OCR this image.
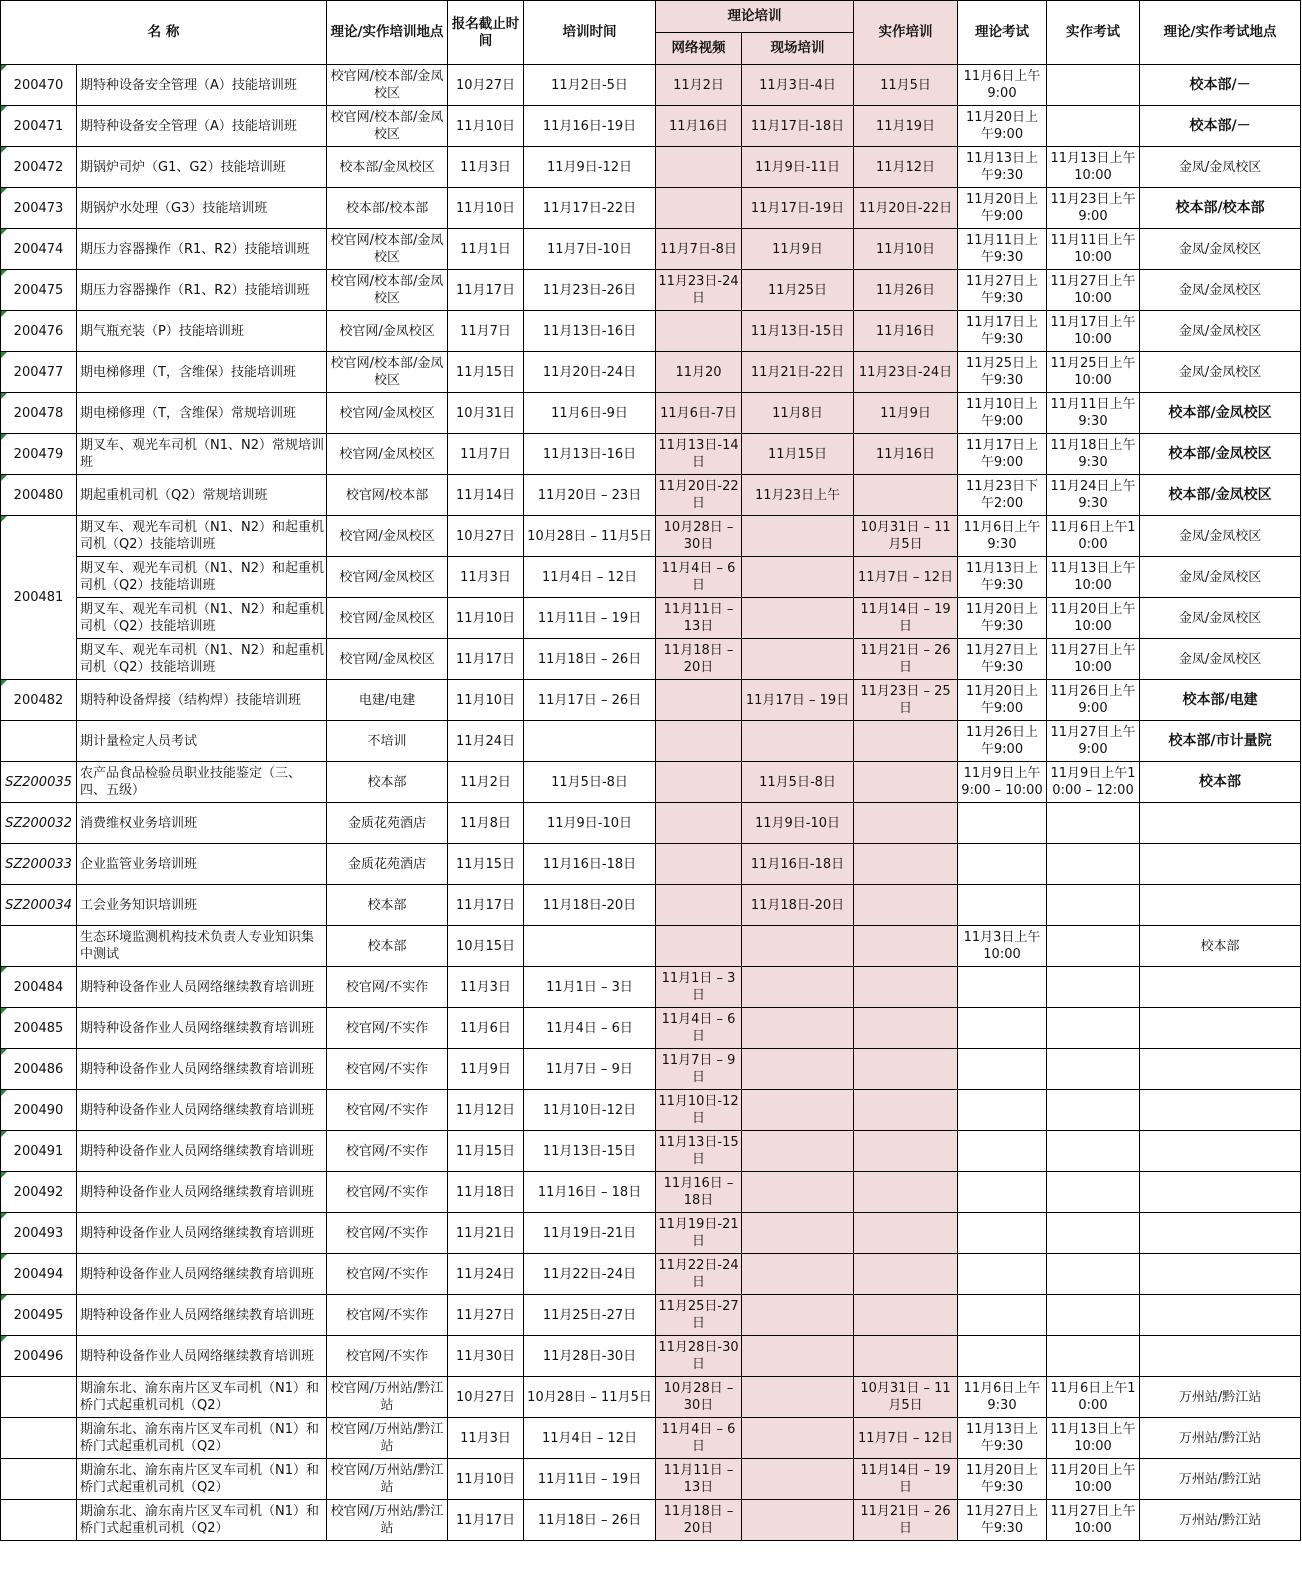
名 称		理论/实作培训地点	报名截止时间	培训时间	理论培训		实作培训	理论考试	实作考试	理论/实作考试地点
					网络视频	现场培训				
200470	期特种设备安全管理（A）技能培训班	校官网/校本部/金凤校区	10月27日	11月2日-5日	11月2日	11月3日-4日	11月5日	11月6日上午9:00		校本部/－
200471	期特种设备安全管理（A）技能培训班	校官网/校本部/金凤校区	11月10日	11月16日-19日	11月16日	11月17日-18日	11月19日	11月20日上午9:00		校本部/－
200472	期锅炉司炉（G1、G2）技能培训班	校本部/金凤校区	11月3日	11月9日-12日		11月9日-11日	11月12日	11月13日上午9:30	11月13日上午10:00	金凤/金凤校区
200473	期锅炉水处理（G3）技能培训班	校本部/校本部	11月10日	11月17日-22日		11月17日-19日	11月20日-22日	11月20日上午9:00	11月23日上午9:00	校本部/校本部
200474	期压力容器操作（R1、R2）技能培训班	校官网/校本部/金凤校区	11月1日	11月7日-10日	11月7日-8日	11月9日	11月10日	11月11日上午9:30	11月11日上午10:00	金凤/金凤校区
200475	期压力容器操作（R1、R2）技能培训班	校官网/校本部/金凤校区	11月17日	11月23日-26日	11月23日-24日	11月25日	11月26日	11月27日上午9:30	11月27日上午10:00	金凤/金凤校区
200476	期气瓶充装（P）技能培训班	校官网/金凤校区	11月7日	11月13日-16日		11月13日-15日	11月16日	11月17日上午9:30	11月17日上午10:00	金凤/金凤校区
200477	期电梯修理（T，含维保）技能培训班	校官网/校本部/金凤校区	11月15日	11月20日-24日	11月20	11月21日-22日	11月23日-24日	11月25日上午9:30	11月25日上午10:00	金凤/金凤校区
200478	期电梯修理（T，含维保）常规培训班	校官网/金凤校区	10月31日	11月6日-9日	11月6日-7日	11月8日	11月9日	11月10日上午9:00	11月11日上午9:30	校本部/金凤校区
200479	期叉车、观光车司机（N1、N2）常规培训班	校官网/金凤校区	11月7日	11月13日-16日	11月13日-14日	11月15日	11月16日	11月17日上午9:00	11月18日上午9:30	校本部/金凤校区
200480	期起重机司机（Q2）常规培训班	校官网/校本部	11月14日	11月20日 – 23日	11月20日-22日	11月23日上午		11月23日下午2:00	11月24日上午9:30	校本部/金凤校区
200481	期叉车、观光车司机（N1、N2）和起重机司机（Q2）技能培训班	校官网/金凤校区	10月27日	10月28日 – 11月5日	10月28日 – 30日		10月31日 – 11月5日	11月6日上午9:30	11月6日上午10:00	金凤/金凤校区
	期叉车、观光车司机（N1、N2）和起重机司机（Q2）技能培训班	校官网/金凤校区	11月3日	11月4日 – 12日	11月4日 – 6日		11月7日 – 12日	11月13日上午9:30	11月13日上午10:00	金凤/金凤校区
	期叉车、观光车司机（N1、N2）和起重机司机（Q2）技能培训班	校官网/金凤校区	11月10日	11月11日 – 19日	11月11日 – 13日		11月14日 – 19日	11月20日上午9:30	11月20日上午10:00	金凤/金凤校区
	期叉车、观光车司机（N1、N2）和起重机司机（Q2）技能培训班	校官网/金凤校区	11月17日	11月18日 – 26日	11月18日 – 20日		11月21日 – 26日	11月27日上午9:30	11月27日上午10:00	金凤/金凤校区
200482	期特种设备焊接（结构焊）技能培训班	电建/电建	11月10日	11月17日 – 26日		11月17日 – 19日	11月23日 – 25日	11月20日上午9:00	11月26日上午9:00	校本部/电建
	期计量检定人员考试	不培训	11月24日					11月26日上午9:00	11月27日上午9:00	校本部/市计量院
SZ200035	农产品食品检验员职业技能鉴定（三、四、五级）	校本部	11月2日	11月5日-8日		11月5日-8日		11月9日上午9:00 – 10:00	11月9日上午10:00 – 12:00	校本部
SZ200032	消费维权业务培训班	金质花苑酒店	11月8日	11月9日-10日		11月9日-10日				
SZ200033	企业监管业务培训班	金质花苑酒店	11月15日	11月16日-18日		11月16日-18日				
SZ200034	工会业务知识培训班	校本部	11月17日	11月18日-20日		11月18日-20日				
	生态环境监测机构技术负责人专业知识集中测试	校本部	10月15日					11月3日上午10:00		校本部
200484	期特种设备作业人员网络继续教育培训班	校官网/不实作	11月3日	11月1日 – 3日	11月1日 – 3日					
200485	期特种设备作业人员网络继续教育培训班	校官网/不实作	11月6日	11月4日 – 6日	11月4日 – 6日					
200486	期特种设备作业人员网络继续教育培训班	校官网/不实作	11月9日	11月7日 – 9日	11月7日 – 9日					
200490	期特种设备作业人员网络继续教育培训班	校官网/不实作	11月12日	11月10日-12日	11月10日-12日					
200491	期特种设备作业人员网络继续教育培训班	校官网/不实作	11月15日	11月13日-15日	11月13日-15日					
200492	期特种设备作业人员网络继续教育培训班	校官网/不实作	11月18日	11月16日 – 18日	11月16日 – 18日					
200493	期特种设备作业人员网络继续教育培训班	校官网/不实作	11月21日	11月19日-21日	11月19日-21日					
200494	期特种设备作业人员网络继续教育培训班	校官网/不实作	11月24日	11月22日-24日	11月22日-24日					
200495	期特种设备作业人员网络继续教育培训班	校官网/不实作	11月27日	11月25日-27日	11月25日-27日					
200496	期特种设备作业人员网络继续教育培训班	校官网/不实作	11月30日	11月28日-30日	11月28日-30日					
	期渝东北、渝东南片区叉车司机（N1）和桥门式起重机司机（Q2）	校官网/万州站/黔江站	10月27日	10月28日 – 11月5日	10月28日 – 30日		10月31日 – 11月5日	11月6日上午9:30	11月6日上午10:00	万州站/黔江站
	期渝东北、渝东南片区叉车司机（N1）和桥门式起重机司机（Q2）	校官网/万州站/黔江站	11月3日	11月4日 – 12日	11月4日 – 6日		11月7日 – 12日	11月13日上午9:30	11月13日上午10:00	万州站/黔江站
	期渝东北、渝东南片区叉车司机（N1）和桥门式起重机司机（Q2）	校官网/万州站/黔江站	11月10日	11月11日 – 19日	11月11日 – 13日		11月14日 – 19日	11月20日上午9:30	11月20日上午10:00	万州站/黔江站
	期渝东北、渝东南片区叉车司机（N1）和桥门式起重机司机（Q2）	校官网/万州站/黔江站	11月17日	11月18日 – 26日	11月18日 – 20日		11月21日 – 26日	11月27日上午9:30	11月27日上午10:00	万州站/黔江站
